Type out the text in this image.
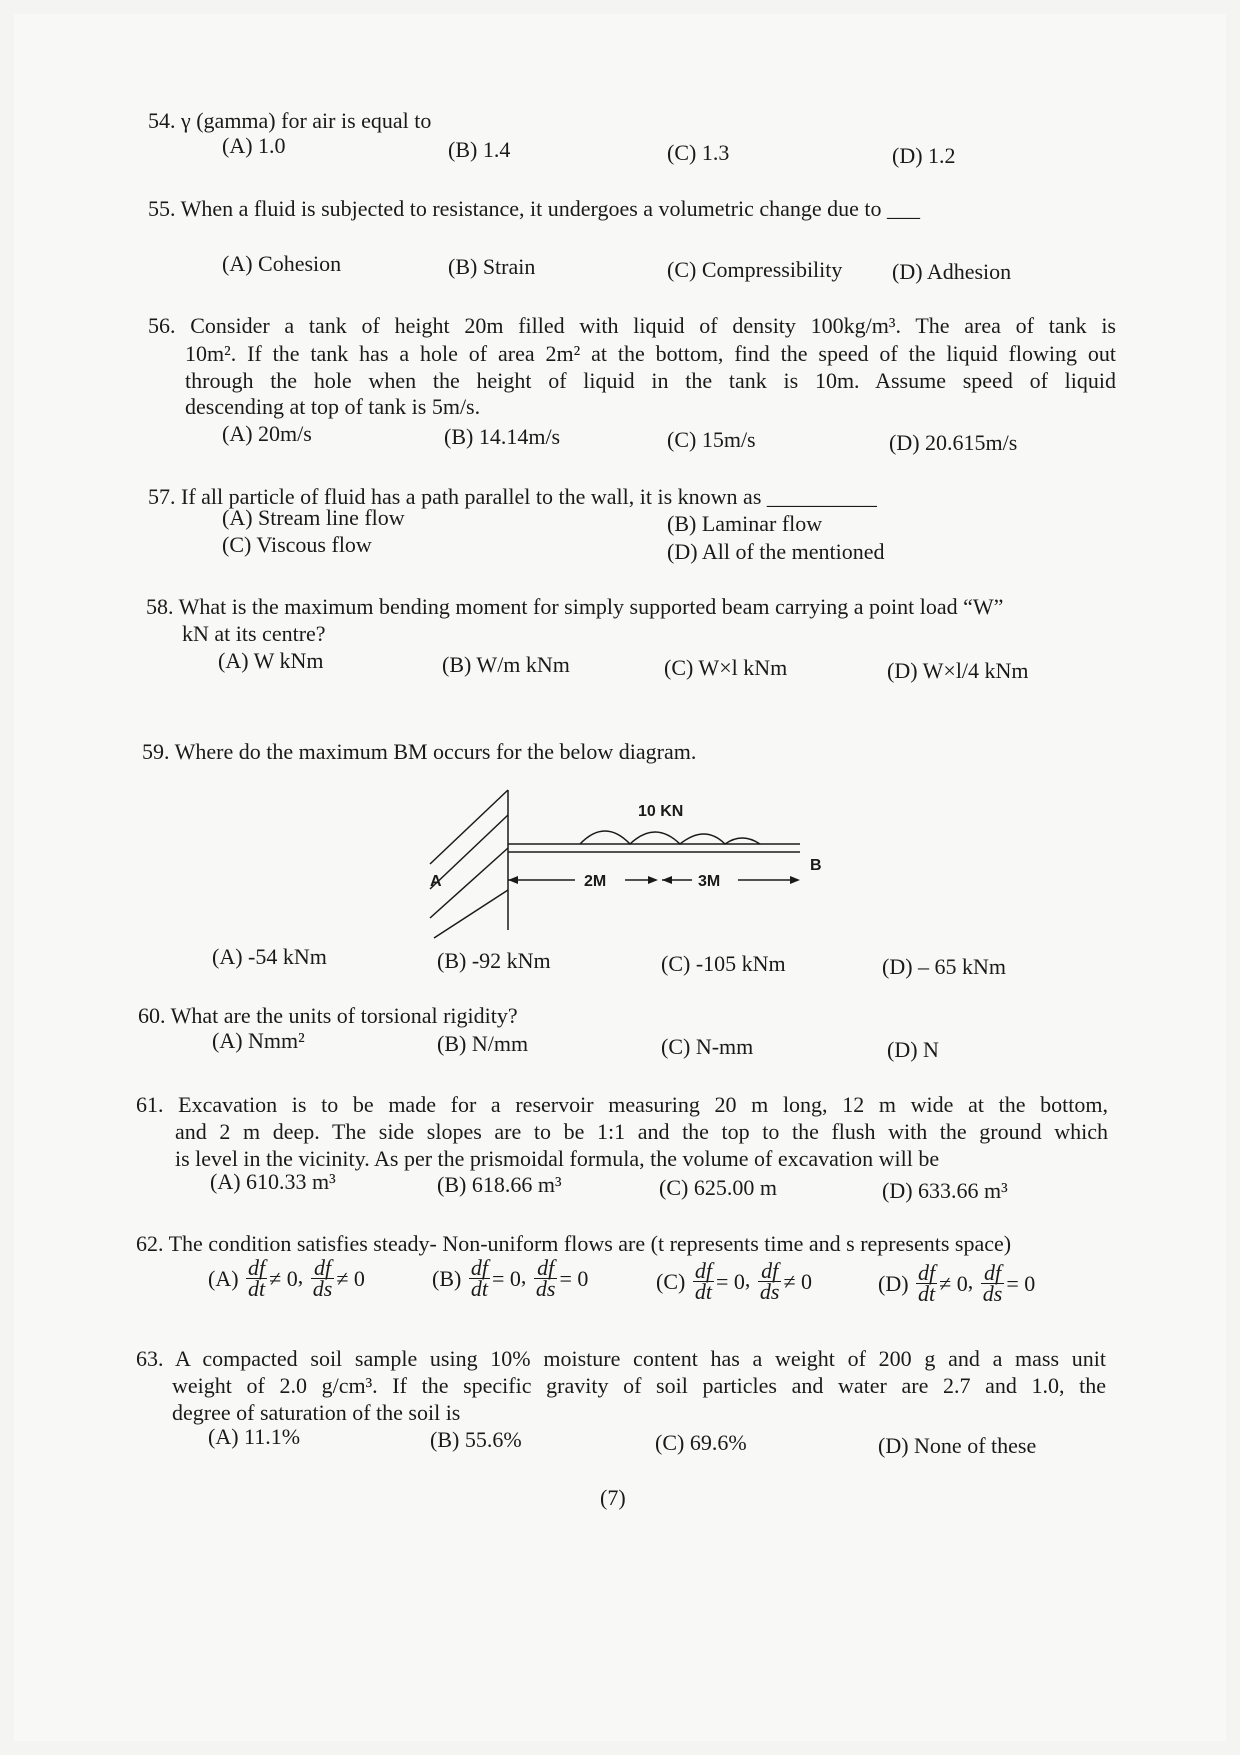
54. γ (gamma) for air is equal to
(A) 1.0	(B) 1.4	(C) 1.3	(D) 1.2
55. When a fluid is subjected to resistance, it undergoes a volumetric change due to ___
(A) Cohesion	(B) Strain	(C) Compressibility (D) Adhesion
56. Consider a tank of height 20m filled with liquid of density 100kg/m³. The area of tank is
10m². If the tank has a hole of area 2m² at the bottom, find the speed of the liquid flowing out
through the hole when the height of liquid in the tank is 10m. Assume speed of liquid
descending at top of tank is 5m/s.
(A) 20m/s	(B) 14.14m/s	(C) 15m/s	(D) 20.615m/s
57. If all particle of fluid has a path parallel to the wall, it is known as __________
(A) Stream line flow	(B) Laminar flow
(C) Viscous flow	(D) All of the mentioned
58. What is the maximum bending moment for simply supported beam carrying a point load “W”
kN at its centre?
(A) W kNm	(B) W/m kNm	(C) W×l kNm	(D) W×l/4 kNm
59. Where do the maximum BM occurs for the below diagram.
10 KN
A
B
2M	3M
(A) -54 kNm	(B) -92 kNm	(C) -105 kNm	(D) – 65 kNm
60. What are the units of torsional rigidity?
(A) Nmm²	(B) N/mm	(C) N-mm	(D) N
61. Excavation is to be made for a reservoir measuring 20 m long, 12 m wide at the bottom,
and 2 m deep. The side slopes are to be 1:1 and the top to the flush with the ground which
is level in the vicinity. As per the prismoidal formula, the volume of excavation will be
(A) 610.33 m³	(B) 618.66 m³	(C) 625.00 m	(D) 633.66 m³
62. The condition satisfies steady- Non-uniform flows are (t represents time and s represents space)
$(A) \frac{df}{dt} \ne 0$, $\frac{df}{ds} \ne 0$	$(B) \frac{df}{dt} = 0$, $\frac{df}{ds} = 0$	$(C) \frac{df}{dt} = 0$, $\frac{df}{ds} \ne 0$	$(D) \frac{df}{dt} \ne 0$, $\frac{df}{ds} = 0$
63. A compacted soil sample using 10% moisture content has a weight of 200 g and a mass unit
weight of 2.0 g/cm³. If the specific gravity of soil particles and water are 2.7 and 1.0, the
degree of saturation of the soil is
(A) 11.1%	(B) 55.6%	(C) 69.6%	(D) None of these
(7)
